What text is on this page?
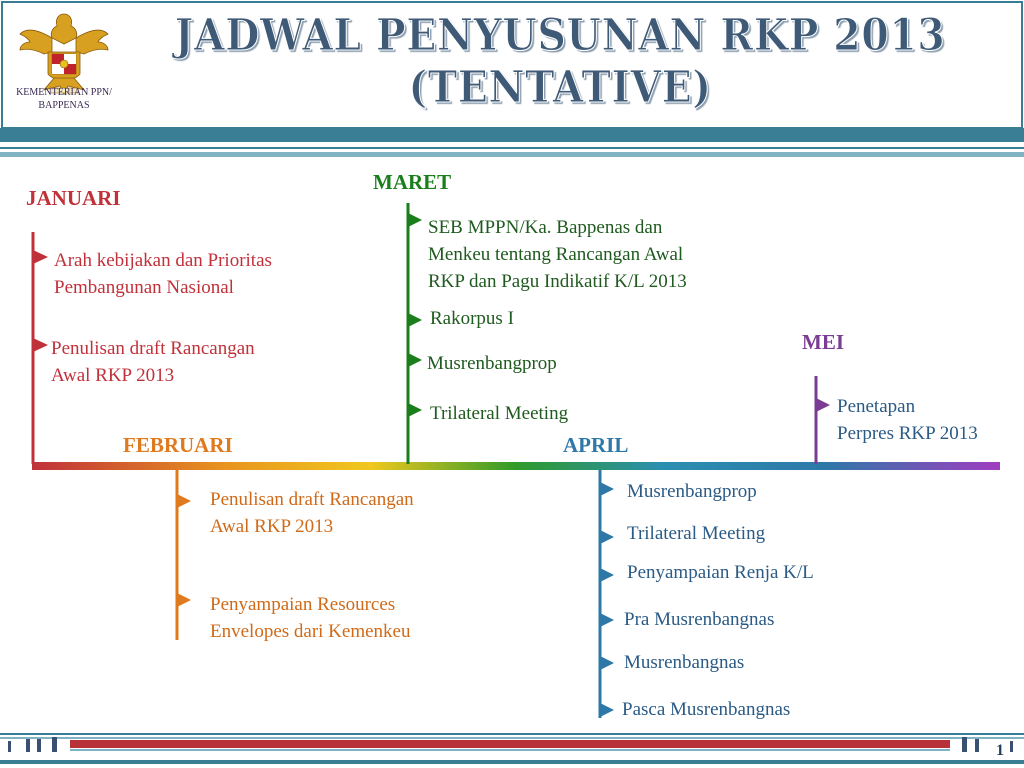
KEMENTERIAN PPN/
BAPPENAS
JADWAL PENYUSUNAN RKP 2013
(TENTATIVE)
JANUARI
FEBRUARI
MARET
APRIL
MEI
Arah kebijakan dan Prioritas
Pembangunan Nasional
Penulisan draft Rancangan
Awal RKP 2013
SEB MPPN/Ka. Bappenas dan
Menkeu tentang Rancangan Awal
RKP dan Pagu Indikatif K/L 2013
Rakorpus I
Musrenbangprop
Trilateral Meeting	Penetapan
Perpres RKP 2013
Penulisan draft Rancangan
Awal RKP 2013
Penyampaian Resources
Envelopes dari Kemenkeu
Musrenbangprop
Trilateral Meeting
Penyampaian Renja K/L
Pra Musrenbangnas
Musrenbangnas
Pasca Musrenbangnas
1
